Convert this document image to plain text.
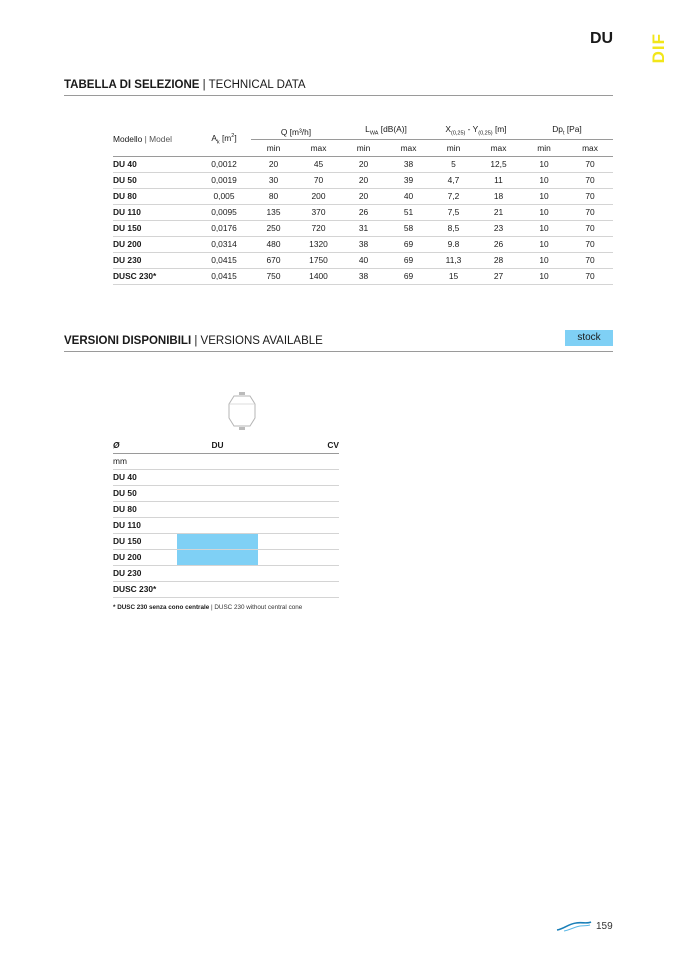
DU DIF
TABELLA DI SELEZIONE | TECHNICAL DATA
Modello | Model	$A_k$ $[m^2]$	Q [m³/h]		$L_{WA}$ [dB(A)]		$X_{(0,25)} - Y_{(0,25)}$ [m]		$Dp_t$ [Pa]	
		min	max	min	max	min	max	min	max
DU 40	0,0012	20	45	20	38	5	12,5	10	70
DU 50	0,0019	30	70	20	39	4,7	11	10	70
DU 80	0,005	80	200	20	40	7,2	18	10	70
DU 110	0,0095	135	370	26	51	7,5	21	10	70
DU 150	0,0176	250	720	31	58	8,5	23	10	70
DU 200	0,0314	480	1320	38	69	9.8	26	10	70
DU 230	0,0415	670	1750	40	69	11,3	28	10	70
DUSC 230*	0,0415	750	1400	38	69	15	27	10	70
VERSIONI DISPONIBILI | VERSIONS AVAILABLE	stock
Ø	DU	CV
mm		
DU 40		
DU 50		
DU 80		
DU 110		
DU 150		
DU 200		
DU 230		
DUSC 230*		
* DUSC 230 senza cono centrale | DUSC 230 without central cone
159
